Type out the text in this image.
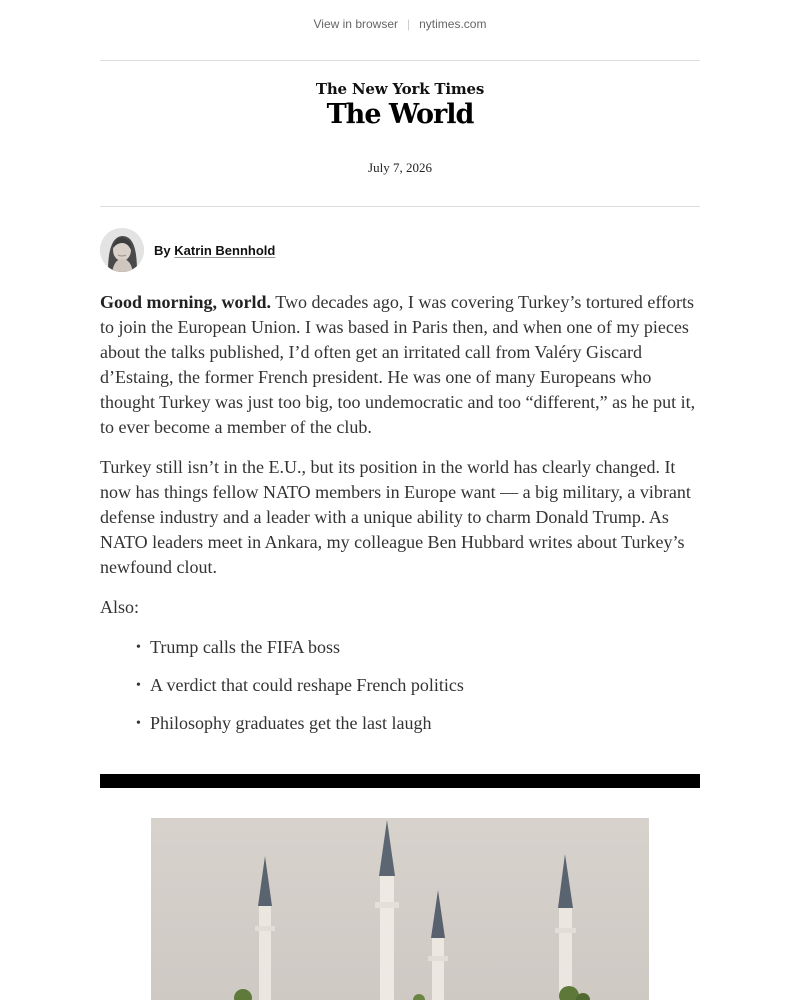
View in browser | nytimes.com
The New York Times
The World
July 7, 2026
By Katrin Bennhold

Good morning, world. Two decades ago, I was covering Turkey’s tortured efforts to join the European Union. I was based in Paris then, and when one of my pieces about the talks published, I’d often get an irritated call from Valéry Giscard d’Estaing, the former French president. He was one of many Europeans who thought Turkey was just too big, too undemocratic and too “different,” as he put it, to ever become a member of the club.

Turkey still isn’t in the E.U., but its position in the world has clearly changed. It now has things fellow NATO members in Europe want — a big military, a vibrant defense industry and a leader with a unique ability to charm Donald Trump. As NATO leaders meet in Ankara, my colleague Ben Hubbard writes about Turkey’s newfound clout.

Also:

• Trump calls the FIFA boss
• A verdict that could reshape French politics
• Philosophy graduates get the last laugh
